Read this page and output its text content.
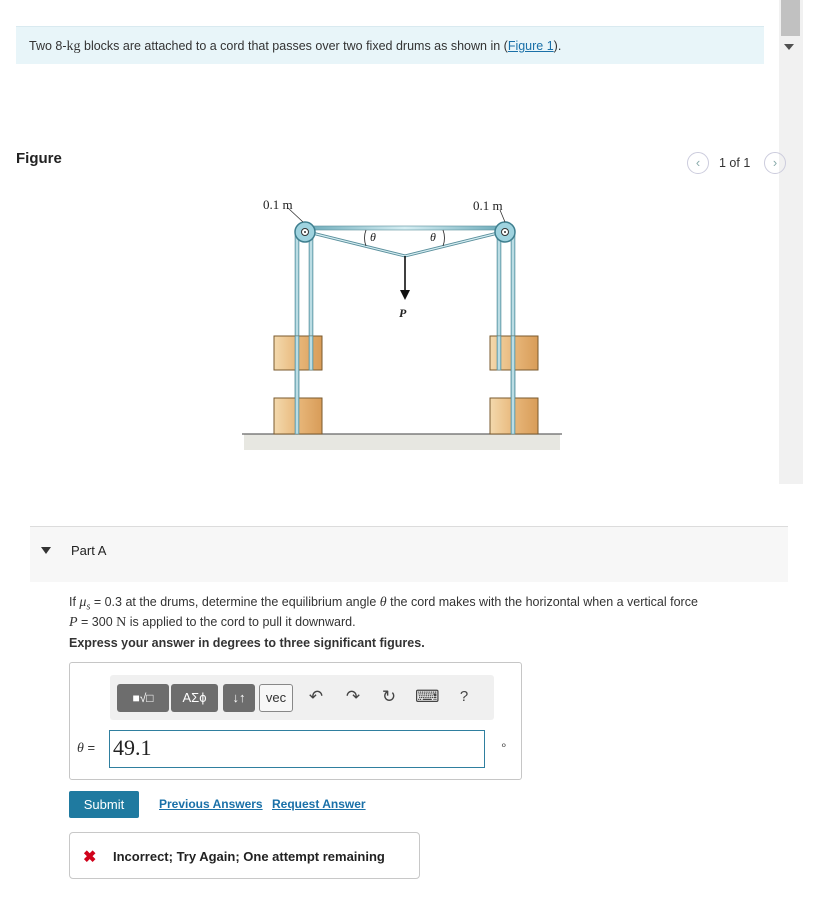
Two 8-kg blocks are attached to a cord that passes over two fixed drums as shown in (Figure 1).
Figure	‹	1 of 1	›
0.1 m	0.1 m
θ	θ
P
Part A
If $\mu_s = 0.3$ at the drums, determine the equilibrium angle θ the cord makes with the horizontal when a vertical force
P = 300 N is applied to the cord to pull it downward.
Express your answer in degrees to three significant figures.
■√□	ΑΣϕ	↓↑	vec	↶ ↷ ↻ ⌨	?
θ = 49.1	∘
Submit	Previous Answers Request Answer
✖ Incorrect; Try Again; One attempt remaining
